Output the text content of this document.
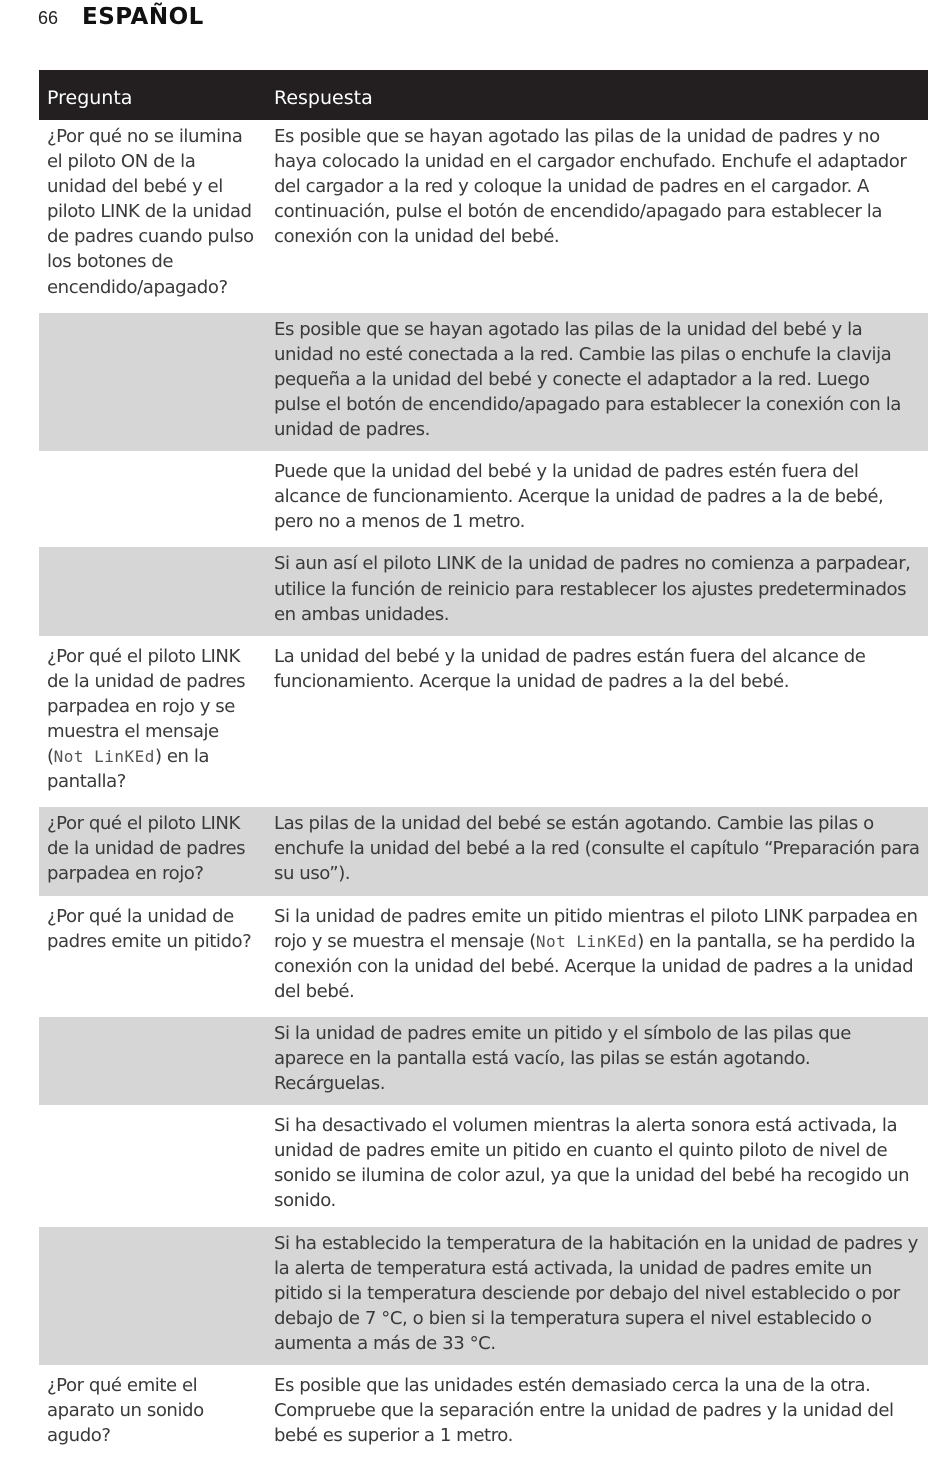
66 ESPAÑOL
Pregunta	Respuesta
¿Por qué no se ilumina el piloto ON de la unidad del bebé y el piloto LINK de la unidad de padres cuando pulso los botones de encendido/apagado?	Es posible que se hayan agotado las pilas de la unidad de padres y no haya colocado la unidad en el cargador enchufado. Enchufe el adaptador del cargador a la red y coloque la unidad de padres en el cargador. A continuación, pulse el botón de encendido/apagado para establecer la conexión con la unidad del bebé.
	Es posible que se hayan agotado las pilas de la unidad del bebé y la unidad no esté conectada a la red. Cambie las pilas o enchufe la clavija pequeña a la unidad del bebé y conecte el adaptador a la red. Luego pulse el botón de encendido/apagado para establecer la conexión con la unidad de padres.
	Puede que la unidad del bebé y la unidad de padres estén fuera del alcance de funcionamiento. Acerque la unidad de padres a la de bebé, pero no a menos de 1 metro.
	Si aun así el piloto LINK de la unidad de padres no comienza a parpadear, utilice la función de reinicio para restablecer los ajustes predeterminados en ambas unidades.
¿Por qué el piloto LINK de la unidad de padres parpadea en rojo y se muestra el mensaje (Not LinKEd) en la pantalla?	La unidad del bebé y la unidad de padres están fuera del alcance de funcionamiento. Acerque la unidad de padres a la del bebé.
¿Por qué el piloto LINK de la unidad de padres parpadea en rojo?	Las pilas de la unidad del bebé se están agotando. Cambie las pilas o enchufe la unidad del bebé a la red (consulte el capítulo “Preparación para su uso”).
¿Por qué la unidad de padres emite un pitido?	Si la unidad de padres emite un pitido mientras el piloto LINK parpadea en rojo y se muestra el mensaje (Not LinKEd) en la pantalla, se ha perdido la conexión con la unidad del bebé. Acerque la unidad de padres a la unidad del bebé.
	Si la unidad de padres emite un pitido y el símbolo de las pilas que aparece en la pantalla está vacío, las pilas se están agotando. Recárguelas.
	Si ha desactivado el volumen mientras la alerta sonora está activada, la unidad de padres emite un pitido en cuanto el quinto piloto de nivel de sonido se ilumina de color azul, ya que la unidad del bebé ha recogido un sonido.
	Si ha establecido la temperatura de la habitación en la unidad de padres y la alerta de temperatura está activada, la unidad de padres emite un pitido si la temperatura desciende por debajo del nivel establecido o por debajo de 7 °C, o bien si la temperatura supera el nivel establecido o aumenta a más de 33 °C.
¿Por qué emite el aparato un sonido agudo?	Es posible que las unidades estén demasiado cerca la una de la otra. Compruebe que la separación entre la unidad de padres y la unidad del bebé es superior a 1 metro.
